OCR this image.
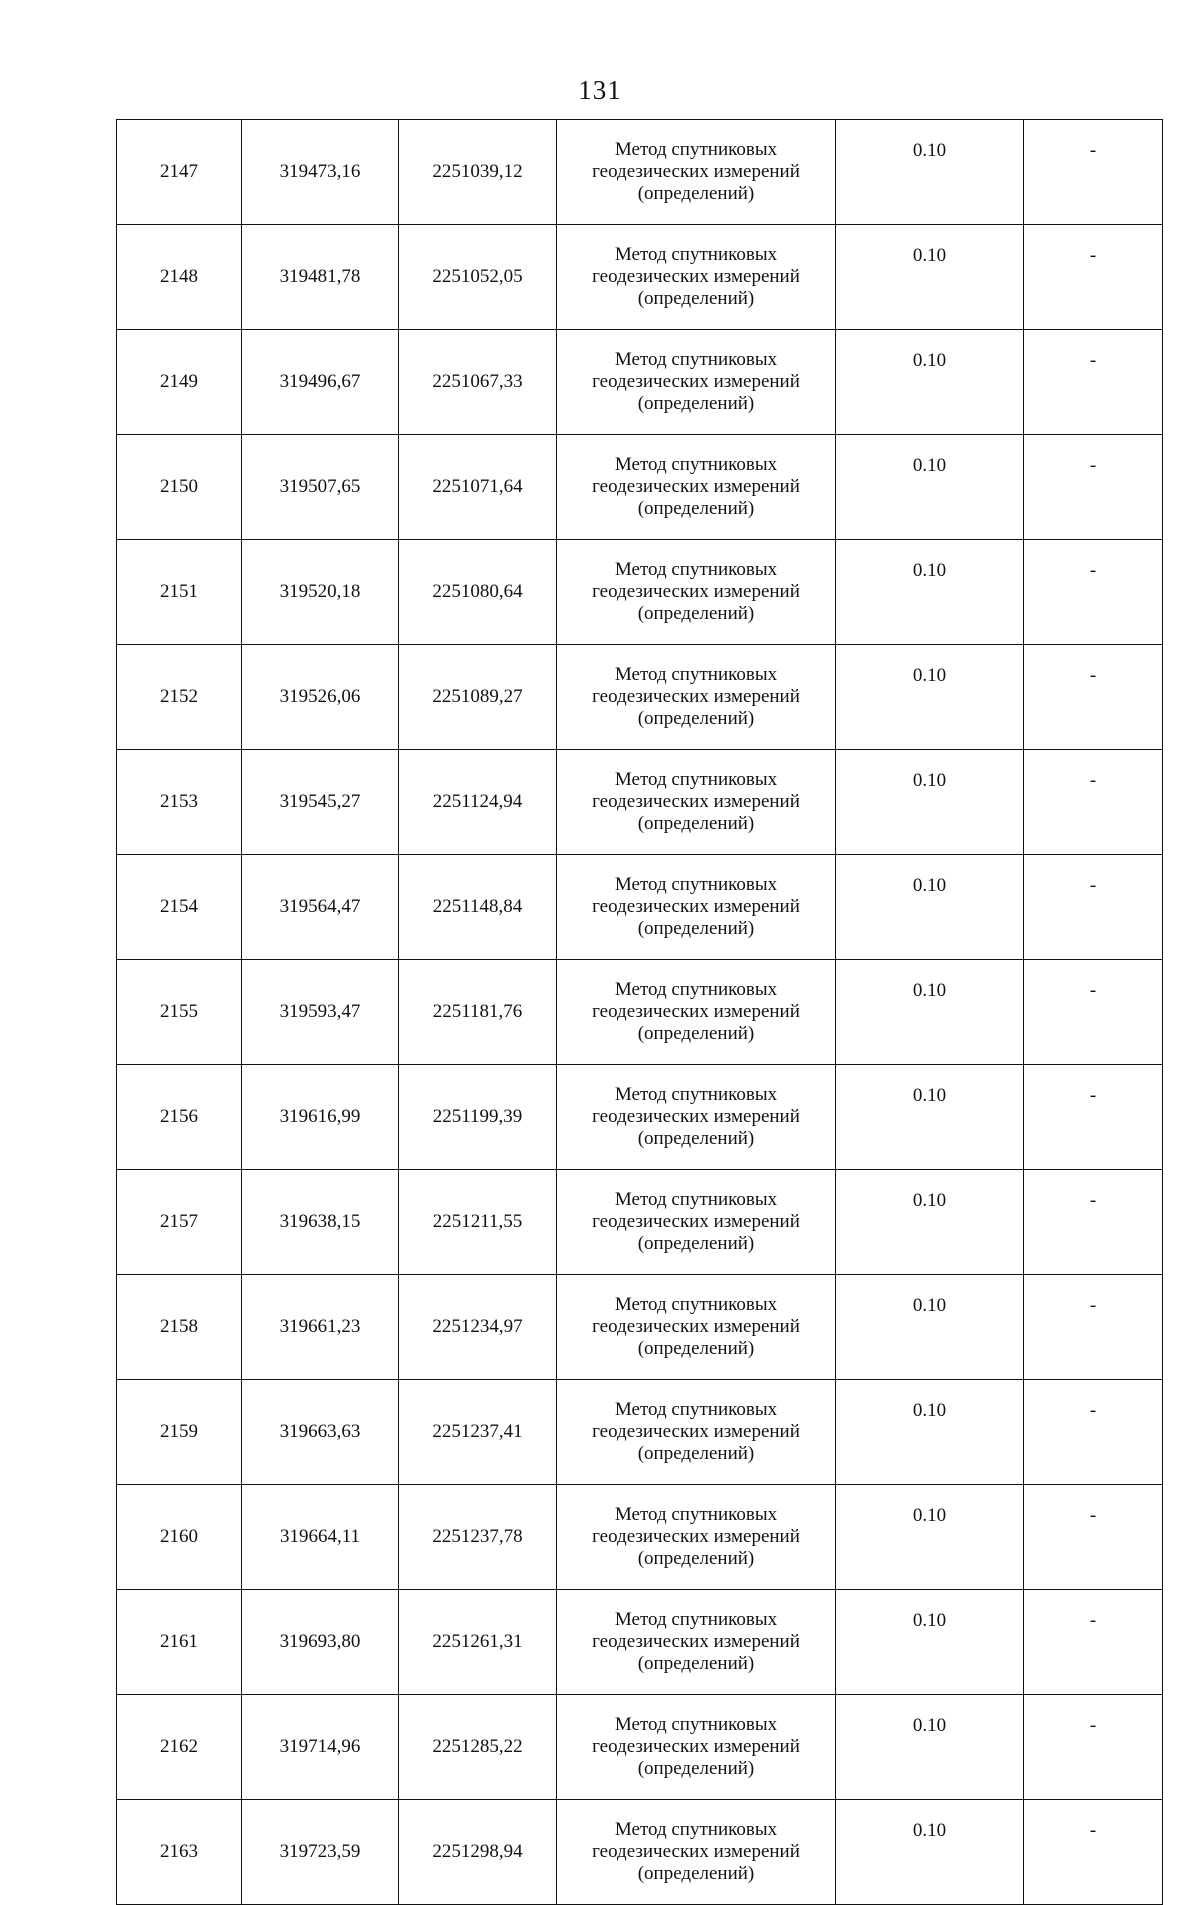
131
2147	319473,16	2251039,12	Метод спутниковых
геодезических измерений
(определений)	0.10	-
2148	319481,78	2251052,05	Метод спутниковых
геодезических измерений
(определений)	0.10	-
2149	319496,67	2251067,33	Метод спутниковых
геодезических измерений
(определений)	0.10	-
2150	319507,65	2251071,64	Метод спутниковых
геодезических измерений
(определений)	0.10	-
2151	319520,18	2251080,64	Метод спутниковых
геодезических измерений
(определений)	0.10	-
2152	319526,06	2251089,27	Метод спутниковых
геодезических измерений
(определений)	0.10	-
2153	319545,27	2251124,94	Метод спутниковых
геодезических измерений
(определений)	0.10	-
2154	319564,47	2251148,84	Метод спутниковых
геодезических измерений
(определений)	0.10	-
2155	319593,47	2251181,76	Метод спутниковых
геодезических измерений
(определений)	0.10	-
2156	319616,99	2251199,39	Метод спутниковых
геодезических измерений
(определений)	0.10	-
2157	319638,15	2251211,55	Метод спутниковых
геодезических измерений
(определений)	0.10	-
2158	319661,23	2251234,97	Метод спутниковых
геодезических измерений
(определений)	0.10	-
2159	319663,63	2251237,41	Метод спутниковых
геодезических измерений
(определений)	0.10	-
2160	319664,11	2251237,78	Метод спутниковых
геодезических измерений
(определений)	0.10	-
2161	319693,80	2251261,31	Метод спутниковых
геодезических измерений
(определений)	0.10	-
2162	319714,96	2251285,22	Метод спутниковых
геодезических измерений
(определений)	0.10	-
2163	319723,59	2251298,94	Метод спутниковых
геодезических измерений
(определений)	0.10	-
